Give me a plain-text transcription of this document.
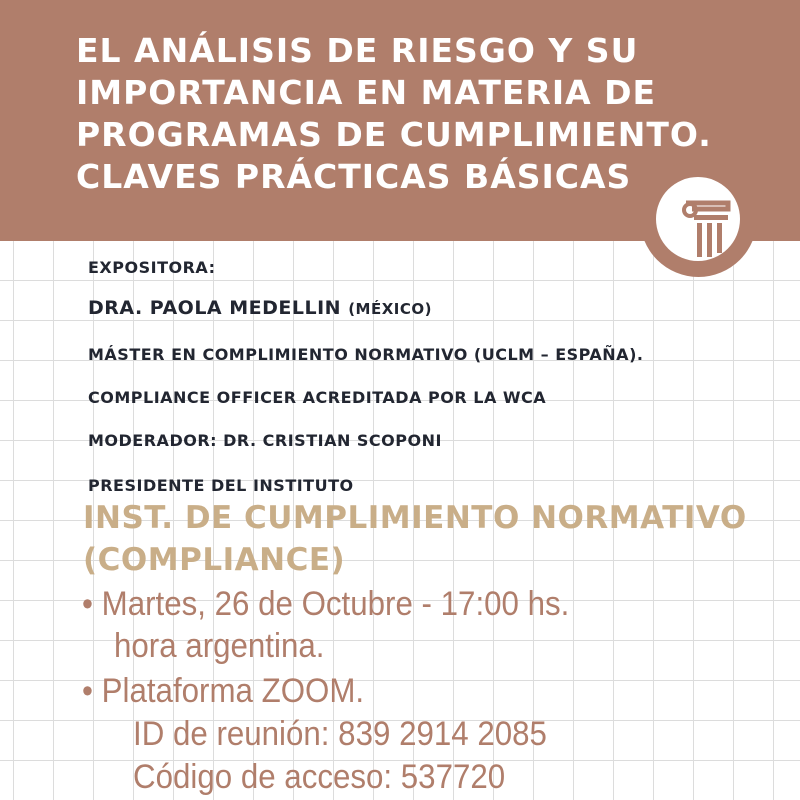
EL ANÁLISIS DE RIESGO Y SU
IMPORTANCIA EN MATERIA DE
PROGRAMAS DE CUMPLIMIENTO.
CLAVES PRÁCTICAS BÁSICAS
EXPOSITORA:
DRA. PAOLA MEDELLIN (MÉXICO)
MÁSTER EN COMPLIMIENTO NORMATIVO (UCLM – ESPAÑA).
COMPLIANCE OFFICER ACREDITADA POR LA WCA
MODERADOR: DR. CRISTIAN SCOPONI
PRESIDENTE DEL INSTITUTO
INST. DE CUMPLIMIENTO NORMATIVO
(COMPLIANCE)
• Martes, 26 de Octubre - 17:00 hs.
hora argentina.
• Plataforma ZOOM.
ID de reunión: 839 2914 2085
Código de acceso: 537720
